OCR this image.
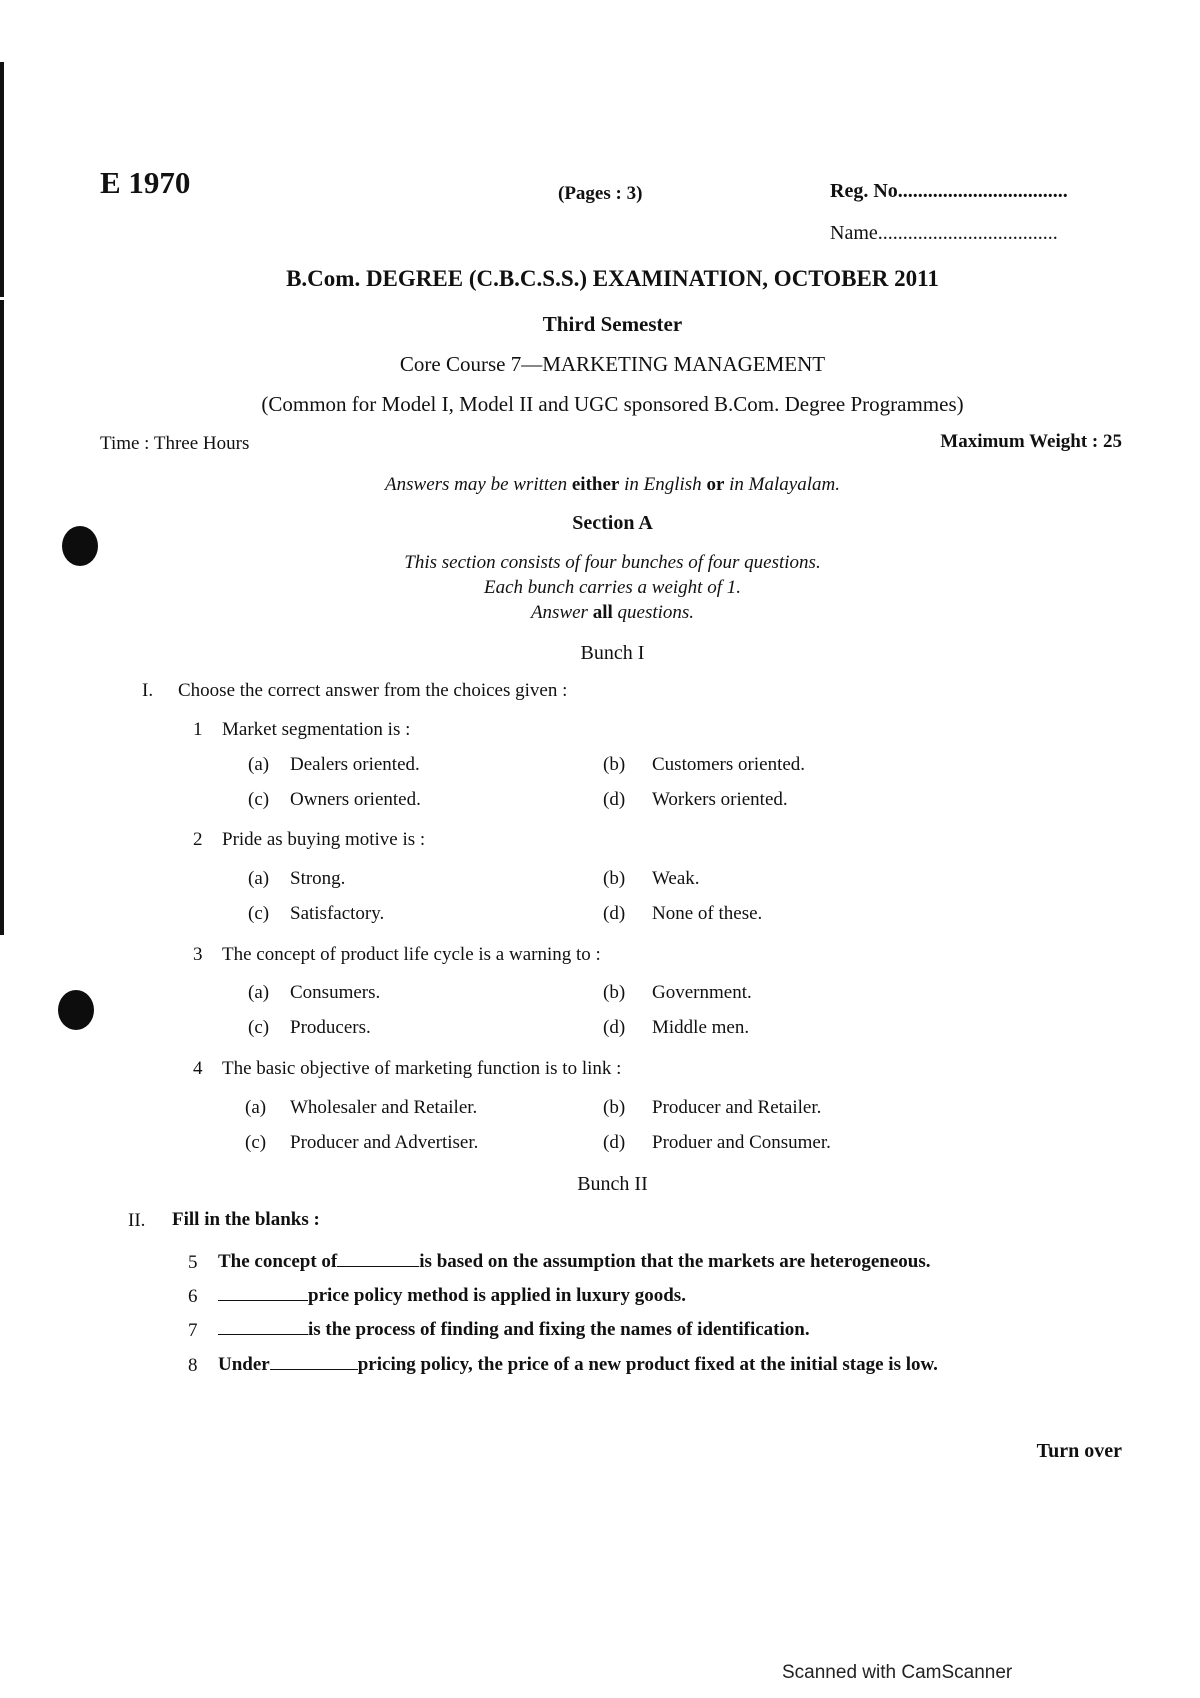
E 1970	(Pages : 3)	Reg. No..................................
Name....................................
B.Com. DEGREE (C.B.C.S.S.) EXAMINATION, OCTOBER 2011
Third Semester
Core Course 7—MARKETING MANAGEMENT
(Common for Model I, Model II and UGC sponsored B.Com. Degree Programmes)
Time : Three Hours	Maximum Weight : 25
Answers may be written either in English or in Malayalam.
Section A
This section consists of four bunches of four questions.
Each bunch carries a weight of 1.
Answer all questions.
Bunch I
I. Choose the correct answer from the choices given :
1 Market segmentation is :
(a) Dealers oriented.	(b) Customers oriented.
(c) Owners oriented.	(d) Workers oriented.
2 Pride as buying motive is :
(a) Strong.	(b) Weak.
(c) Satisfactory.	(d) None of these.
3 The concept of product life cycle is a warning to :
(a) Consumers.	(b) Government.
(c) Producers.	(d) Middle men.
4 The basic objective of marketing function is to link :
(a) Wholesaler and Retailer.	(b) Producer and Retailer.
(c) Producer and Advertiser.	(d) Produer and Consumer.
Bunch II
II. Fill in the blanks :
5 The concept of	is based on the assumption that the markets are heterogeneous.
6	price policy method is applied in luxury goods.
7	is the process of finding and fixing the names of identification.
8 Under	pricing policy, the price of a new product fixed at the initial stage is low.
Turn over
Scanned with CamScanner
